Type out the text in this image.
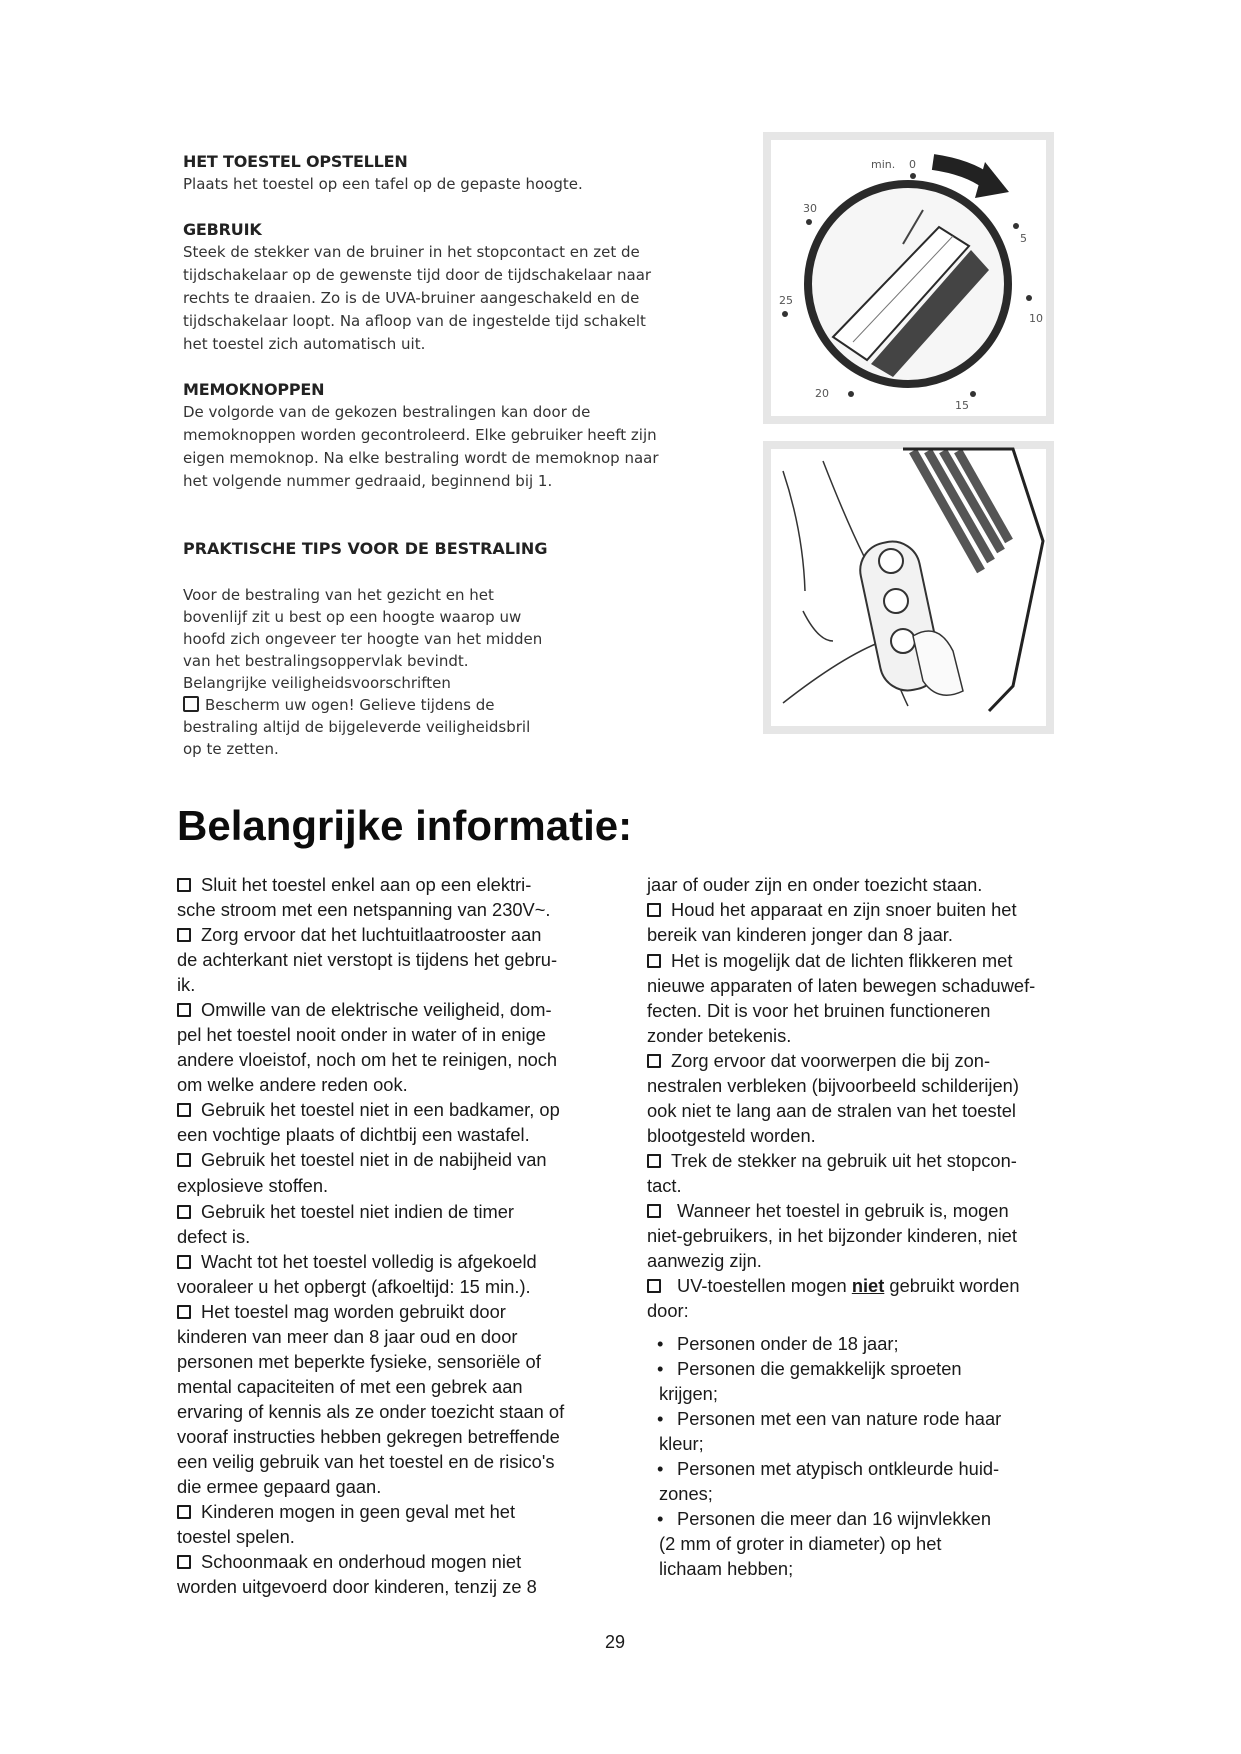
HET TOESTEL OPSTELLEN

Plaats het toestel op een tafel op de gepaste hoogte.

GEBRUIK

Steek de stekker van de bruiner in het stopcontact en zet de
tijdschakelaar op de gewenste tijd door de tijdschakelaar naar
rechts te draaien. Zo is de UVA-bruiner aangeschakeld en de
tijdschakelaar loopt. Na afloop van de ingestelde tijd schakelt
het toestel zich automatisch uit.

MEMOKNOPPEN

De volgorde van de gekozen bestralingen kan door de
memoknoppen worden gecontroleerd. Elke gebruiker heeft zijn
eigen memoknop. Na elke bestraling wordt de memoknop naar
het volgende nummer gedraaid, beginnend bij 1.

PRAKTISCHE TIPS VOOR DE BESTRALING

Voor de bestraling van het gezicht en het
bovenlijf zit u best op een hoogte waarop uw
hoofd zich ongeveer ter hoogte van het midden
van het bestralingsoppervlak bevindt.
Belangrijke veiligheidsvoorschriften
Bescherm uw ogen! Gelieve tijdens de
bestraling altijd de bijgeleverde veiligheidsbril
op te zetten.

min. 0
5
10
15
20
25
30
Belangrijke informatie:

Sluit het toestel enkel aan op een elektri-
sche stroom met een netspanning van 230V~.

Zorg ervoor dat het luchtuitlaatrooster aan
de achterkant niet verstopt is tijdens het gebru-
ik.

Omwille van de elektrische veiligheid, dom-
pel het toestel nooit onder in water of in enige
andere vloeistof, noch om het te reinigen, noch
om welke andere reden ook.

Gebruik het toestel niet in een badkamer, op
een vochtige plaats of dichtbij een wastafel.

Gebruik het toestel niet in de nabijheid van
explosieve stoffen.

Gebruik het toestel niet indien de timer
defect is.

Wacht tot het toestel volledig is afgekoeld
vooraleer u het opbergt (afkoeltijd: 15 min.).

Het toestel mag worden gebruikt door
kinderen van meer dan 8 jaar oud en door
personen met beperkte fysieke, sensoriële of
mental capaciteiten of met een gebrek aan
ervaring of kennis als ze onder toezicht staan of
vooraf instructies hebben gekregen betreffende
een veilig gebruik van het toestel en de risico's
die ermee gepaard gaan.

Kinderen mogen in geen geval met het
toestel spelen.

Schoonmaak en onderhoud mogen niet
worden uitgevoerd door kinderen, tenzij ze 8

jaar of ouder zijn en onder toezicht staan.

Houd het apparaat en zijn snoer buiten het
bereik van kinderen jonger dan 8 jaar.

Het is mogelijk dat de lichten flikkeren met
nieuwe apparaten of laten bewegen schaduwef-
fecten. Dit is voor het bruinen functioneren
zonder betekenis.

Zorg ervoor dat voorwerpen die bij zon-
nestralen verbleken (bijvoorbeeld schilderijen)
ook niet te lang aan de stralen van het toestel
blootgesteld worden.

Trek de stekker na gebruik uit het stopcon-
tact.

Wanneer het toestel in gebruik is, mogen
niet-gebruikers, in het bijzonder kinderen, niet
aanwezig zijn.

UV-toestellen mogen niet gebruikt worden
door:

• Personen onder de 18 jaar;

• Personen die gemakkelijk sproeten
krijgen;

• Personen met een van nature rode haar
kleur;

• Personen met atypisch ontkleurde huid-
zones;

• Personen die meer dan 16 wijnvlekken
(2 mm of groter in diameter) op het
lichaam hebben;

29
